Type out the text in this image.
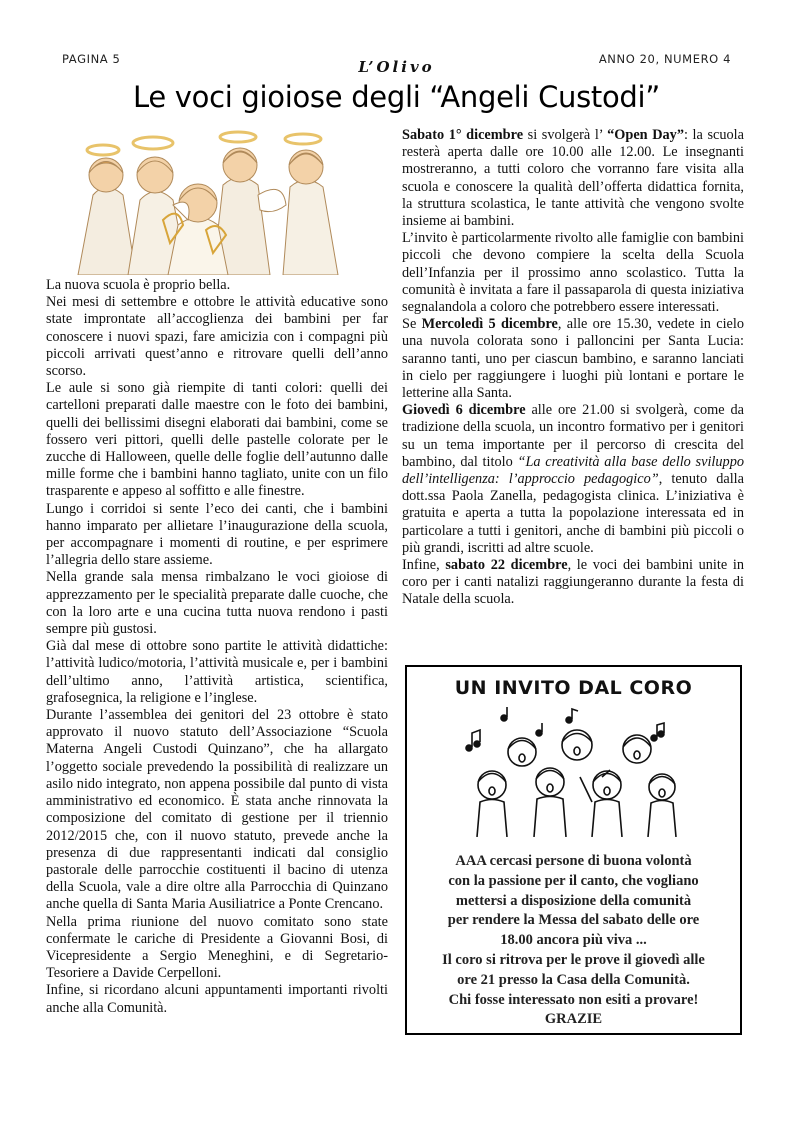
PAGINA 5	L’Olivo	ANNO 20, NUMERO 4
Le voci gioiose degli “Angeli Custodi”

La nuova scuola è proprio bella.

Nei mesi di settembre e ottobre le attività educative sono state improntate all’accoglienza dei bambini per far conoscere i nuovi spazi, fare amicizia con i compagni più piccoli arrivati quest’anno e ritrovare quelli dell’anno scorso.

Le aule si sono già riempite di tanti colori: quelli dei cartelloni preparati dalle maestre con le foto dei bambini, quelli dei bellissimi disegni elaborati dai bambini, come se fossero veri pittori, quelli delle pastelle colorate per le zucche di Halloween, quelle delle foglie dell’autunno dalle mille forme che i bambini hanno tagliato, unite con un filo trasparente e appeso al soffitto e alle finestre.

Lungo i corridoi si sente l’eco dei canti, che i bambini hanno imparato per allietare l’inaugurazione della scuola, per accompagnare i momenti di routine, e per esprimere l’allegria dello stare assieme.

Nella grande sala mensa rimbalzano le voci gioiose di apprezzamento per le specialità preparate dalle cuoche, che con la loro arte e una cucina tutta nuova rendono i pasti sempre più gustosi.

Già dal mese di ottobre sono partite le attività didattiche: l’attività ludico/motoria, l’attività musicale e, per i bambini dell’ultimo anno, l’attività artistica, scientifica, grafosegnica, la religione e l’inglese.

Durante l’assemblea dei genitori del 23 ottobre è stato approvato il nuovo statuto dell’Associazione “Scuola Materna Angeli Custodi Quinzano”, che ha allargato l’oggetto sociale prevedendo la possibilità di realizzare un asilo nido integrato, non appena possibile dal punto di vista amministrativo ed economico. È stata anche rinnovata la composizione del comitato di gestione per il triennio 2012/2015 che, con il nuovo statuto, prevede anche la presenza di due rappresentanti indicati dal consiglio pastorale delle parrocchie costituenti il bacino di utenza della Scuola, vale a dire oltre alla Parrocchia di Quinzano anche quella di Santa Maria Ausiliatrice a Ponte Crencano.

Nella prima riunione del nuovo comitato sono state confermate le cariche di Presidente a Giovanni Bosi, di Vicepresidente a Sergio Meneghini, e di Segretario-Tesoriere a Davide Cerpelloni.

Infine, si ricordano alcuni appuntamenti importanti rivolti anche alla Comunità.

Sabato 1° dicembre si svolgerà l’ “Open Day”: la scuola resterà aperta dalle ore 10.00 alle 12.00. Le insegnanti mostreranno, a tutti coloro che vorranno fare visita alla scuola e conoscere la qualità dell’offerta didattica fornita, la struttura scolastica, le tante attività che vengono svolte insieme ai bambini.

L’invito è particolarmente rivolto alle famiglie con bambini piccoli che devono compiere la scelta della Scuola dell’Infanzia per il prossimo anno scolastico. Tutta la comunità è invitata a fare il passaparola di questa iniziativa segnalandola a coloro che potrebbero essere interessati.

Se Mercoledì 5 dicembre, alle ore 15.30, vedete in cielo una nuvola colorata sono i palloncini per Santa Lucia: saranno tanti, uno per ciascun bambino, e saranno lanciati in cielo per raggiungere i luoghi più lontani e portare le letterine alla Santa.

Giovedì 6 dicembre alle ore 21.00 si svolgerà, come da tradizione della scuola, un incontro formativo per i genitori su un tema importante per il percorso di crescita del bambino, dal titolo “La creatività alla base dello sviluppo dell’intelligenza: l’approccio pedagogico”, tenuto dalla dott.ssa Paola Zanella, pedagogista clinica. L’iniziativa è gratuita e aperta a tutta la popolazione interessata ed in particolare a tutti i genitori, anche di bambini più piccoli o più grandi, iscritti ad altre scuole.

Infine, sabato 22 dicembre, le voci dei bambini unite in coro per i canti natalizi raggiungeranno durante la festa di Natale della scuola.

UN INVITO DAL CORO
AAA cercasi persone di buona volontà
con la passione per il canto, che vogliano
mettersi a disposizione della comunità
per rendere la Messa del sabato delle ore
18.00 ancora più viva ...
Il coro si ritrova per le prove il giovedì alle
ore 21 presso la Casa della Comunità.
Chi fosse interessato non esiti a provare!
GRAZIE
